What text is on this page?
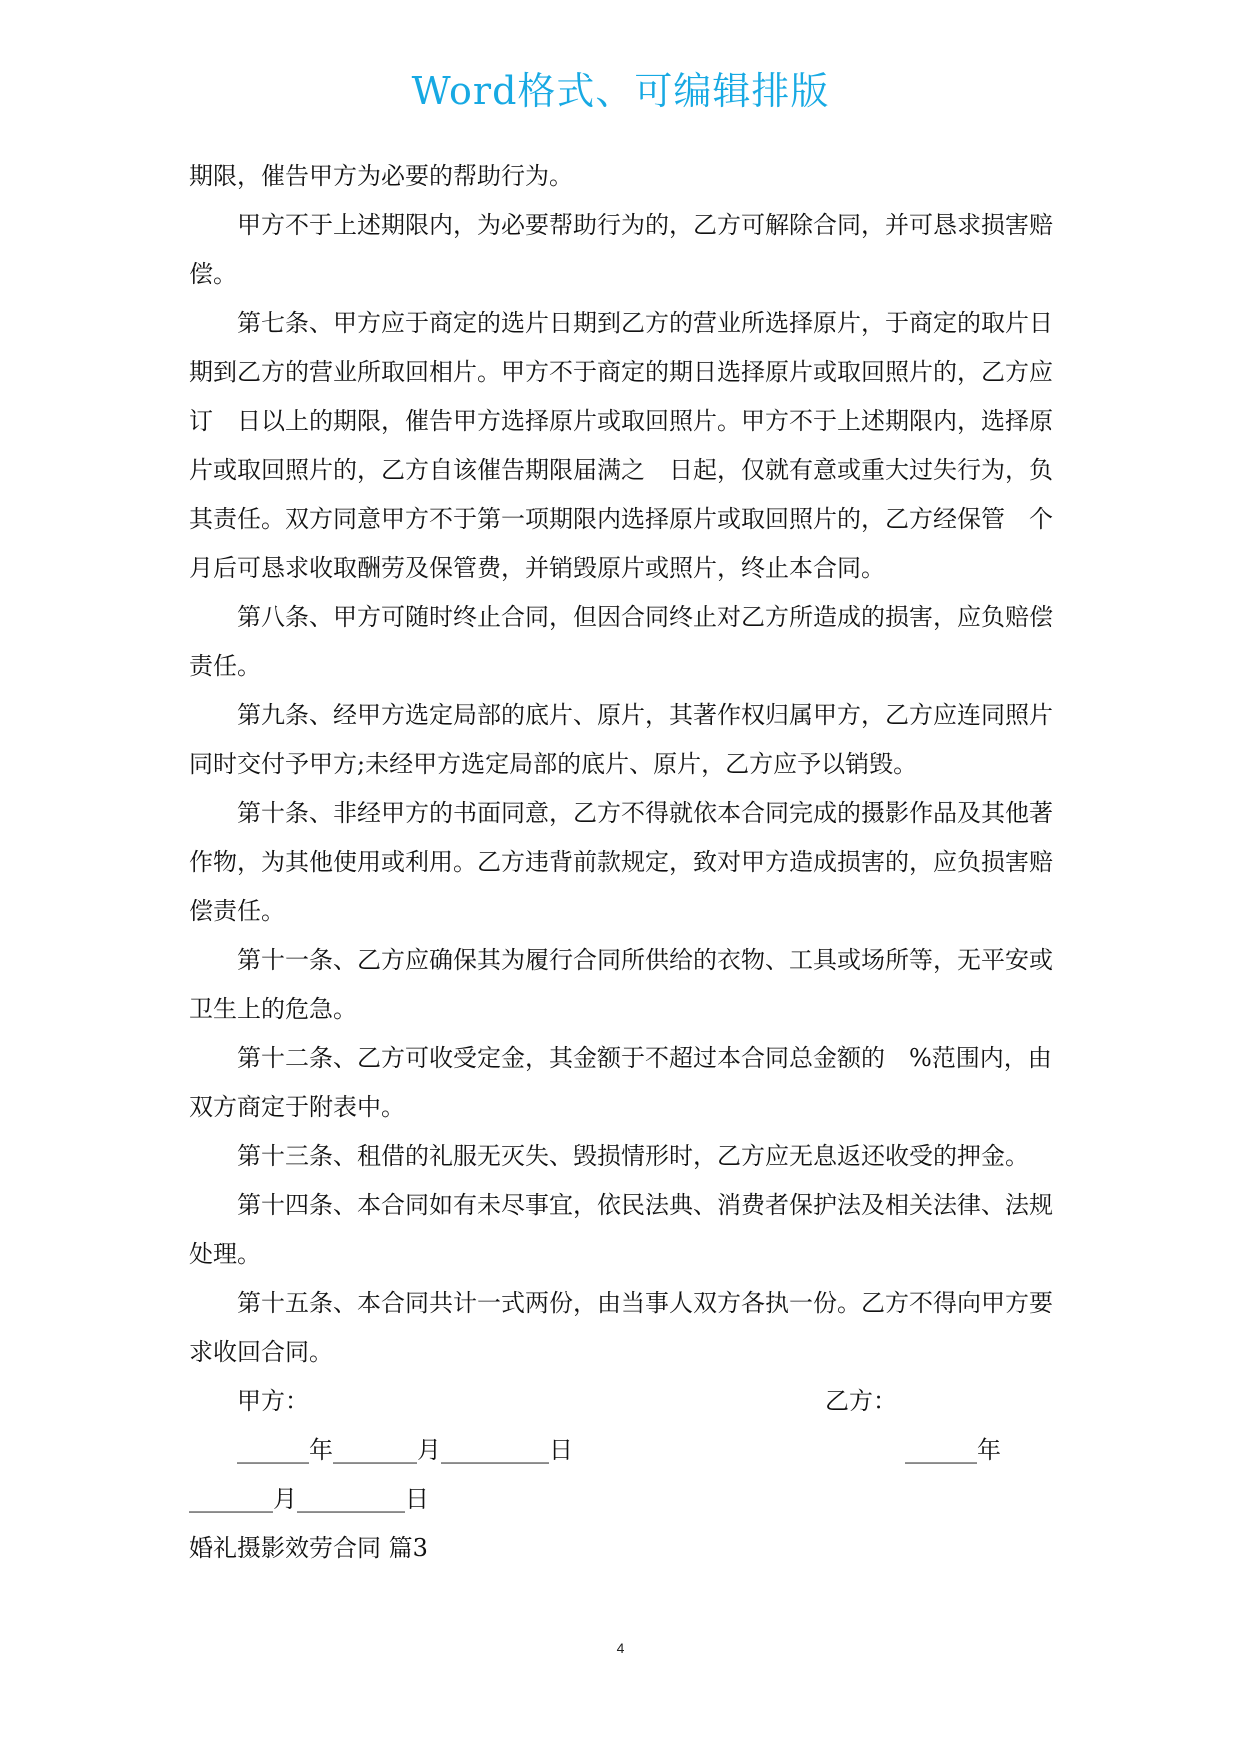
Word格式、可编辑排版

期限，催告甲方为必要的帮助行为。

甲方不于上述期限内，为必要帮助行为的，乙方可解除合同，并可恳求损害赔偿。

第七条、甲方应于商定的选片日期到乙方的营业所选择原片，于商定的取片日期到乙方的营业所取回相片。甲方不于商定的期日选择原片或取回照片的，乙方应订　日以上的期限，催告甲方选择原片或取回照片。甲方不于上述期限内，选择原片或取回照片的，乙方自该催告期限届满之　日起，仅就有意或重大过失行为，负其责任。双方同意甲方不于第一项期限内选择原片或取回照片的，乙方经保管　个月后可恳求收取酬劳及保管费，并销毁原片或照片，终止本合同。

第八条、甲方可随时终止合同，但因合同终止对乙方所造成的损害，应负赔偿责任。

第九条、经甲方选定局部的底片、原片，其著作权归属甲方，乙方应连同照片同时交付予甲方;未经甲方选定局部的底片、原片，乙方应予以销毁。

第十条、非经甲方的书面同意，乙方不得就依本合同完成的摄影作品及其他著作物，为其他使用或利用。乙方违背前款规定，致对甲方造成损害的，应负损害赔偿责任。

第十一条、乙方应确保其为履行合同所供给的衣物、工具或场所等，无平安或卫生上的危急。

第十二条、乙方可收受定金，其金额于不超过本合同总金额的　%范围内，由双方商定于附表中。

第十三条、租借的礼服无灭失、毁损情形时，乙方应无息返还收受的押金。

第十四条、本合同如有未尽事宜，依民法典、消费者保护法及相关法律、法规处理。

第十五条、本合同共计一式两份，由当事人双方各执一份。乙方不得向甲方要求收回合同。

甲方：	乙方：
______年_______月_________日	______年

_______月_________日

婚礼摄影效劳合同 篇3

4
